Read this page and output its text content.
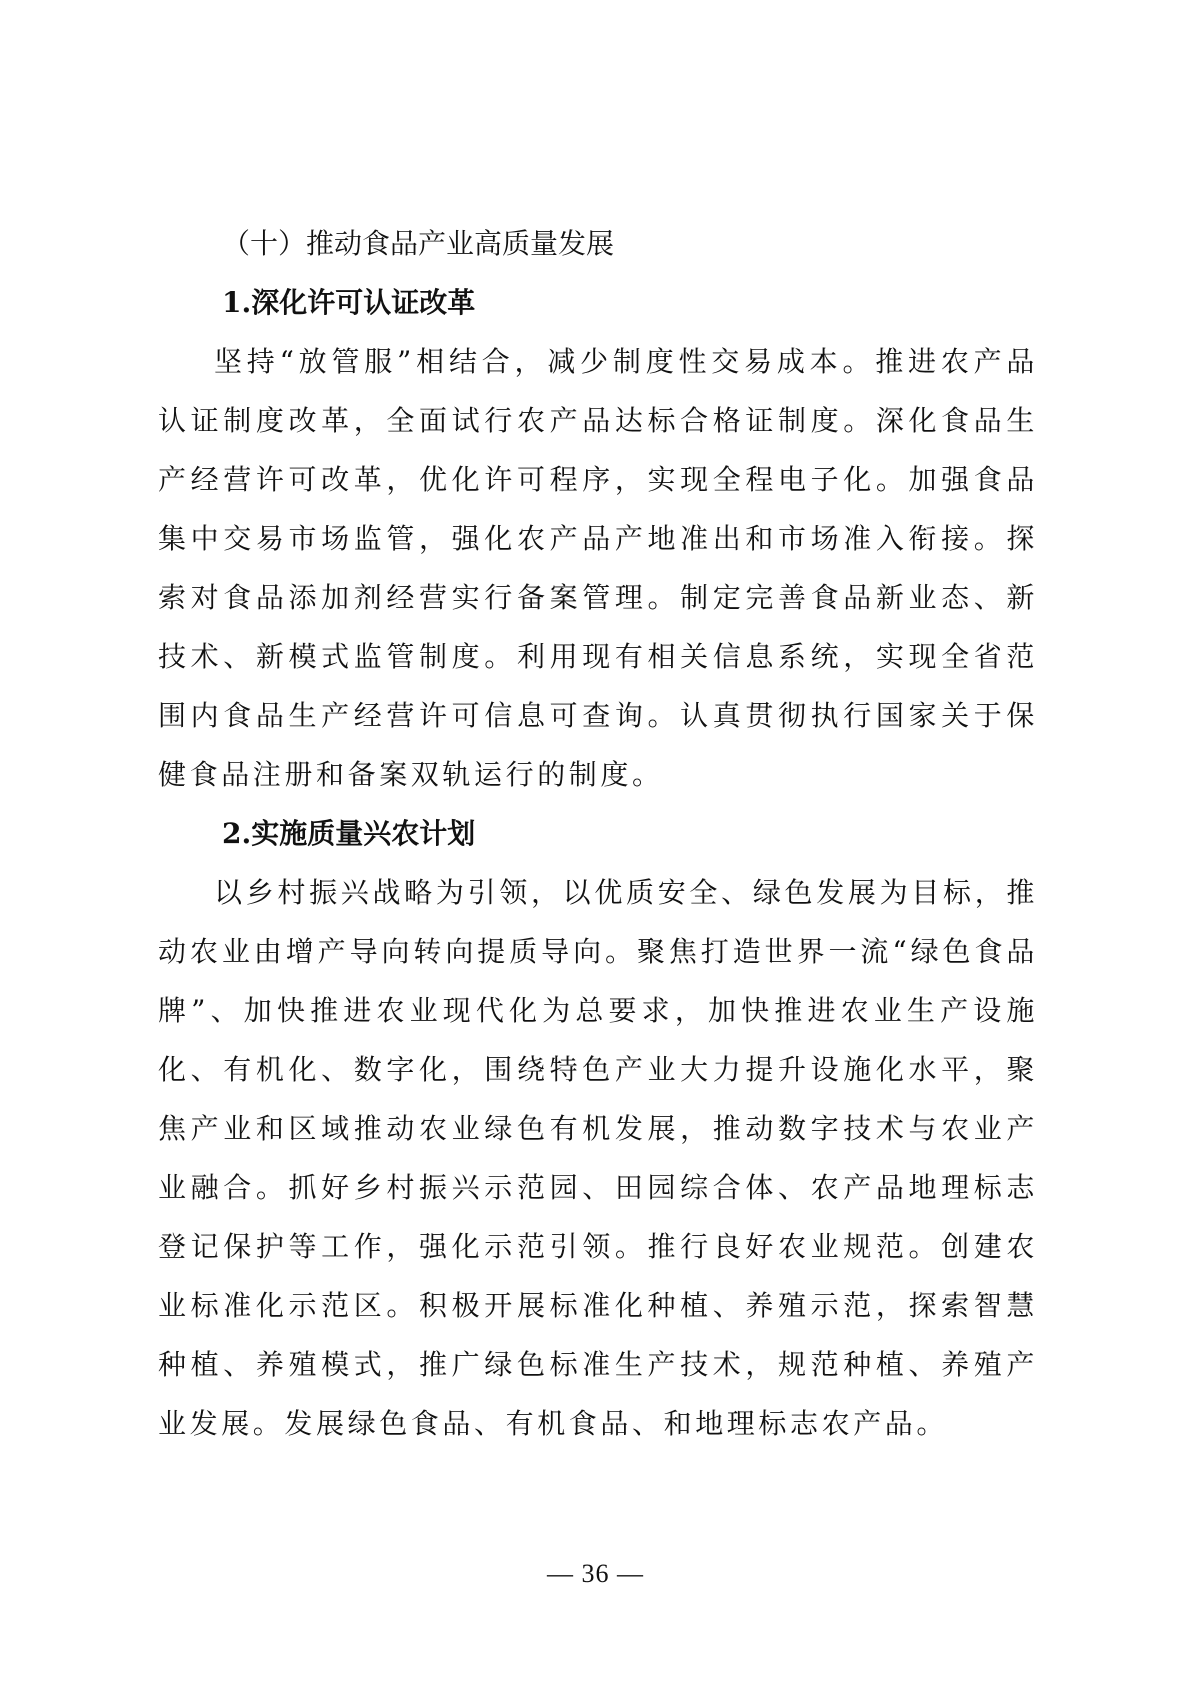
（十）推动食品产业高质量发展

1.深化许可认证改革

坚持“放管服”相结合，减少制度性交易成本。推进农产品认证制度改革，全面试行农产品达标合格证制度。深化食品生产经营许可改革，优化许可程序，实现全程电子化。加强食品集中交易市场监管，强化农产品产地准出和市场准入衔接。探索对食品添加剂经营实行备案管理。制定完善食品新业态、新技术、新模式监管制度。利用现有相关信息系统，实现全省范围内食品生产经营许可信息可查询。认真贯彻执行国家关于保健食品注册和备案双轨运行的制度。

2.实施质量兴农计划

以乡村振兴战略为引领，以优质安全、绿色发展为目标，推动农业由增产导向转向提质导向。聚焦打造世界一流“绿色食品牌”、加快推进农业现代化为总要求，加快推进农业生产设施化、有机化、数字化，围绕特色产业大力提升设施化水平，聚焦产业和区域推动农业绿色有机发展，推动数字技术与农业产业融合。抓好乡村振兴示范园、田园综合体、农产品地理标志登记保护等工作，强化示范引领。推行良好农业规范。创建农业标准化示范区。积极开展标准化种植、养殖示范，探索智慧种植、养殖模式，推广绿色标准生产技术，规范种植、养殖产业发展。发展绿色食品、有机食品、和地理标志农产品。

— 36 —
